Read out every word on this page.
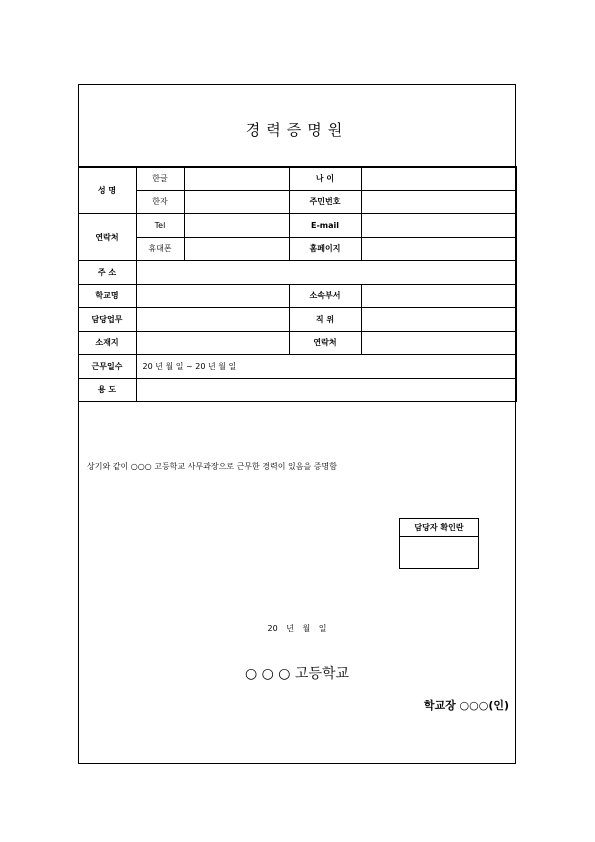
경력증명원
성 명	한글		나 이	
	한자		주민번호	
연락처	Tel		E-mail	
	휴대폰		홈페이지	
주 소				
학교명			소속부서	
담당업무			직 위	
소재지			연락처	
근무일수	20 년 월 일 ~ 20 년 월 일			
용 도				
상기와 같이 ○○○ 고등학교 사무과장으로 근무한 경력이 있음을 증명함
담당자 확인란
20 년 월 일
○ ○ ○ 고등학교
학교장 ○○○(인)
